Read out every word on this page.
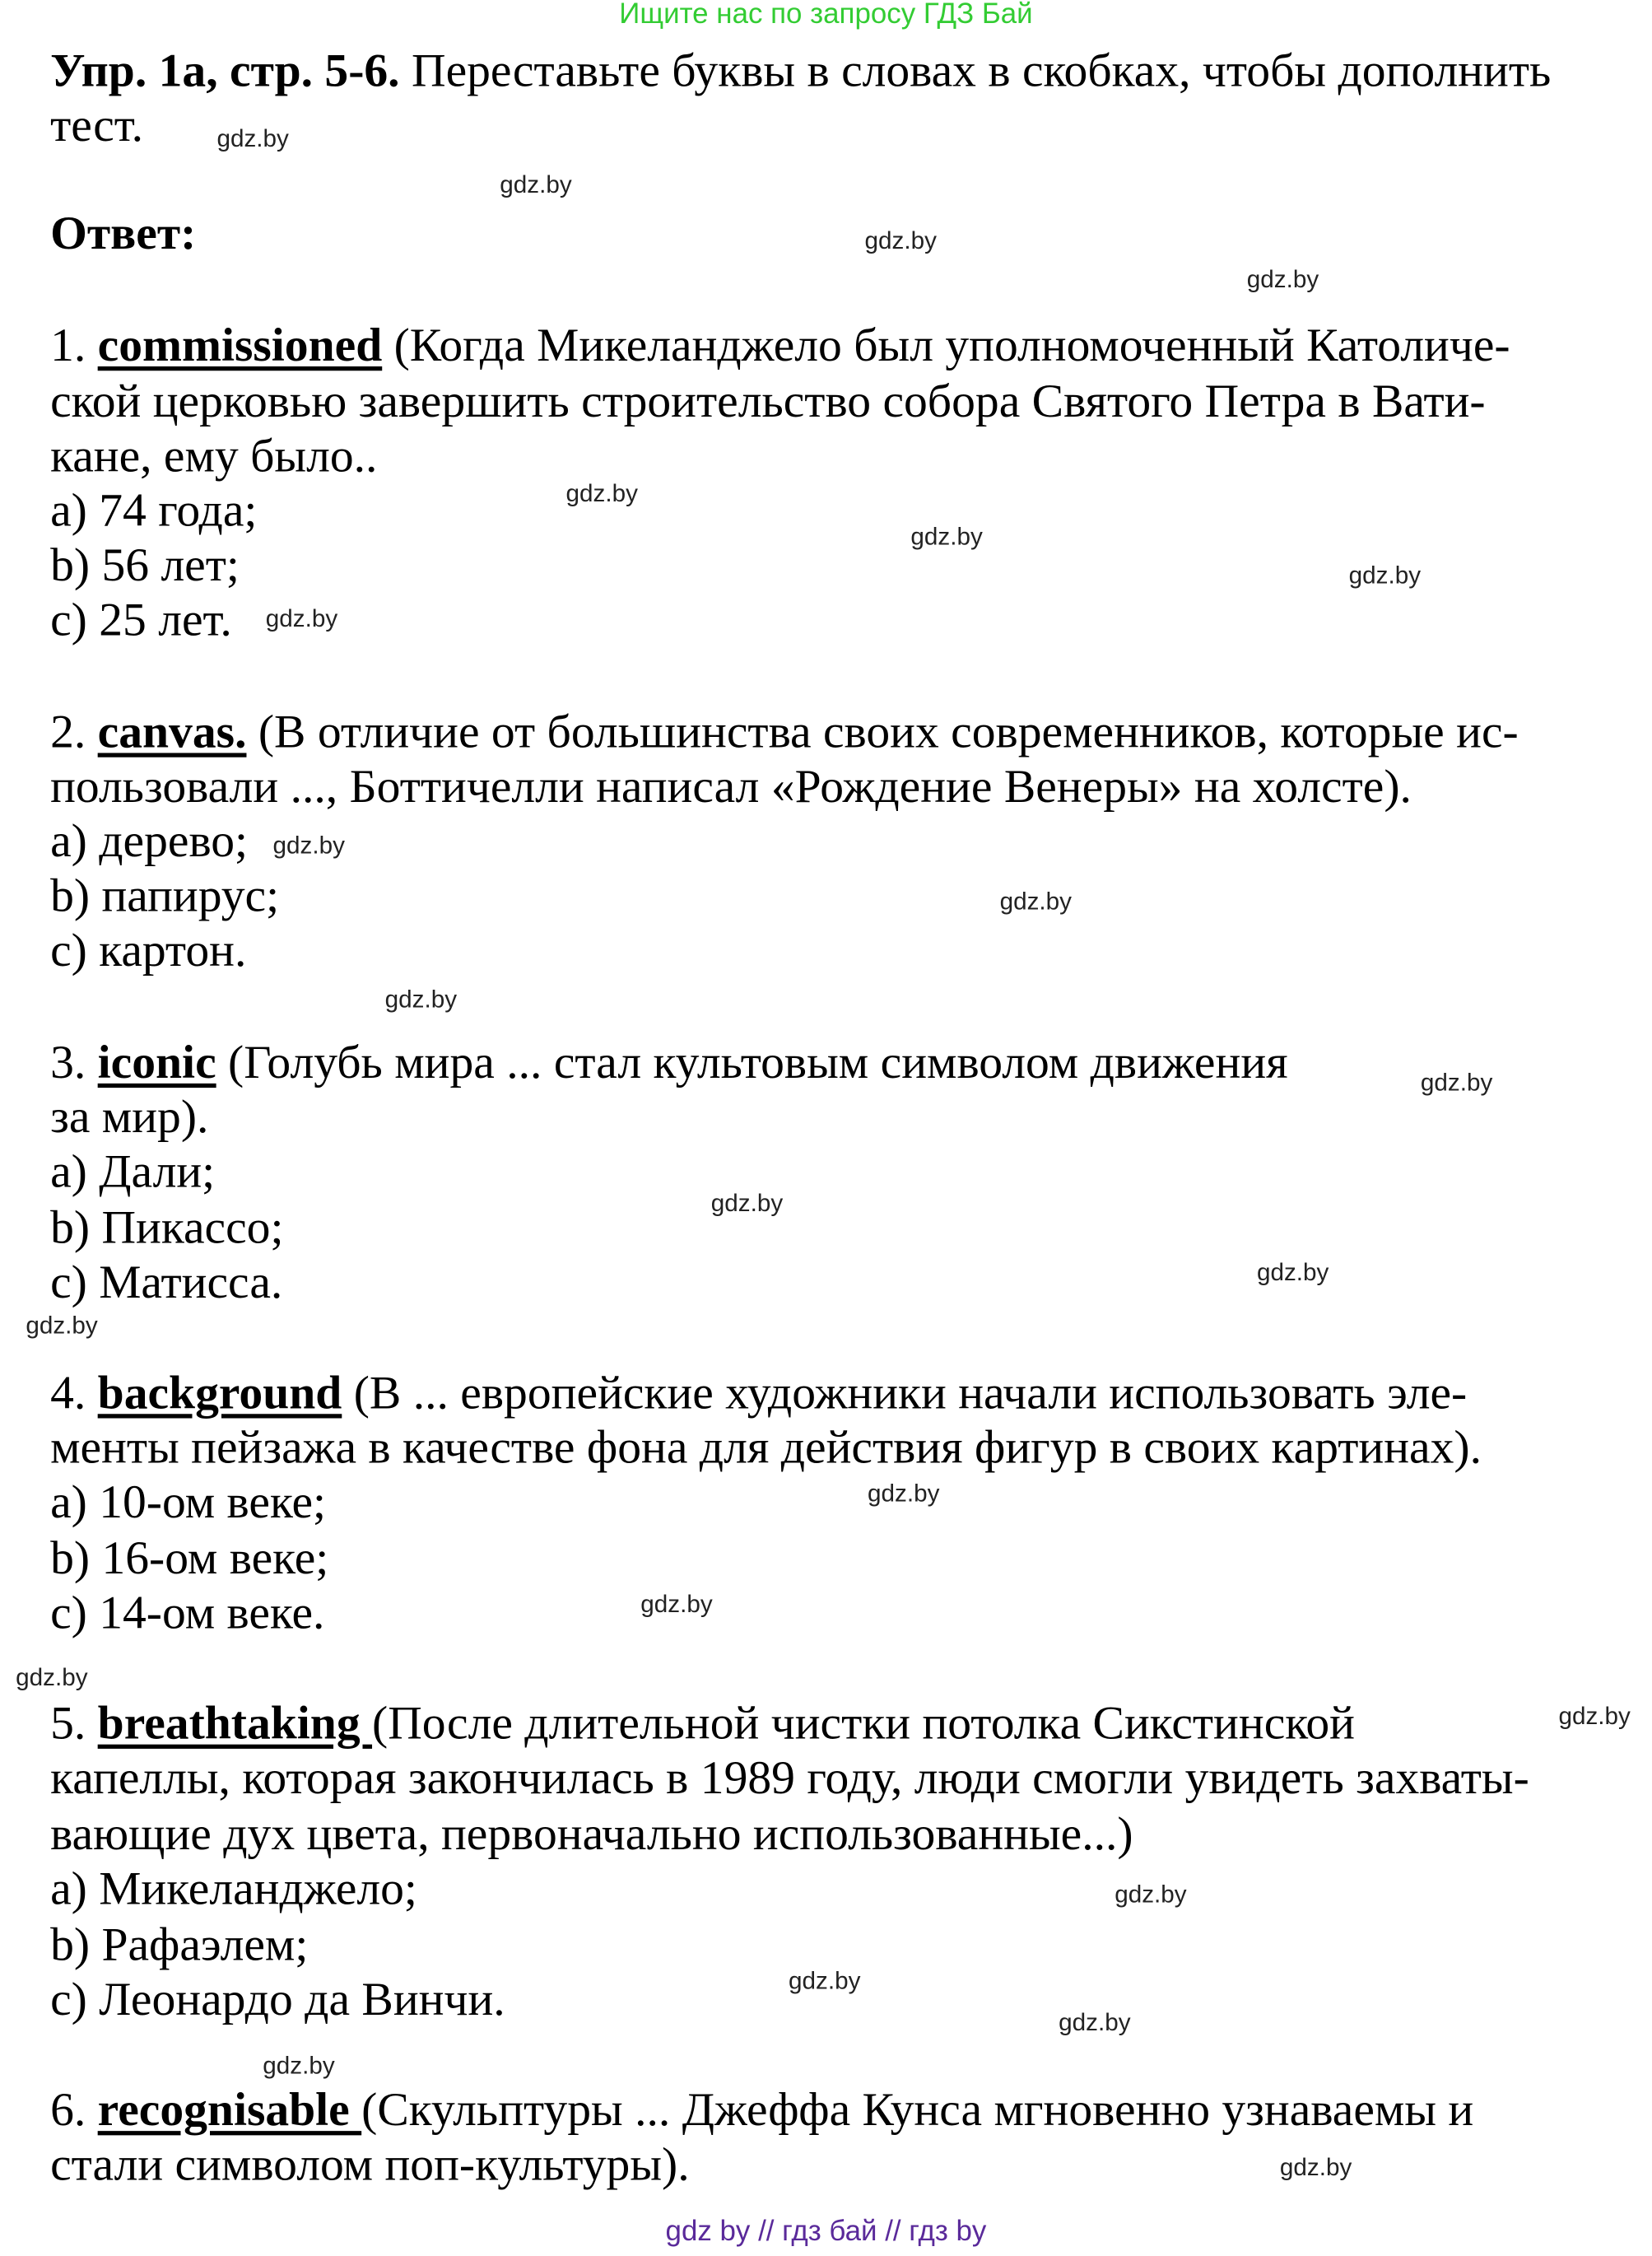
Ищите нас по запросу ГДЗ Бай
Упр. 1а, стр. 5-6. Переставьте буквы в словах в скобках, чтобы дополнить
тест.
Ответ:
1. commissioned (Когда Микеланджело был уполномоченный Католиче-
ской церковью завершить строительство собора Святого Петра в Вати-
кане, ему было..
a) 74 года;
b) 56 лет;
c) 25 лет.
2. canvas. (В отличие от большинства своих современников, которые ис-
пользовали ..., Боттичелли написал «Рождение Венеры» на холсте).
a) дерево;
b) папирус;
c) картон.
3. iconic (Голубь мира ... стал культовым символом движения
за мир).
a) Дали;
b) Пикассо;
c) Матисса.
4. background (В ... европейские художники начали использовать эле-
менты пейзажа в качестве фона для действия фигур в своих картинах).
a) 10-ом веке;
b) 16-ом веке;
c) 14-ом веке.
5. breathtaking (После длительной чистки потолка Сикстинской
капеллы, которая закончилась в 1989 году, люди смогли увидеть захваты-
вающие дух цвета, первоначально использованные...)
a) Микеланджело;
b) Рафаэлем;
c) Леонардо да Винчи.
6. recognisable (Скульптуры ... Джеффа Кунса мгновенно узнаваемы и
стали символом поп-культуры).
gdz.by
gdz.by
gdz.by
gdz.by
gdz.by
gdz.by
gdz.by
gdz.by
gdz.by
gdz.by
gdz.by
gdz.by
gdz.by
gdz.by
gdz.by
gdz.by
gdz.by
gdz.by
gdz.by
gdz.by
gdz.by
gdz.by
gdz.by
gdz.by
gdz by // гдз бай // гдз by
